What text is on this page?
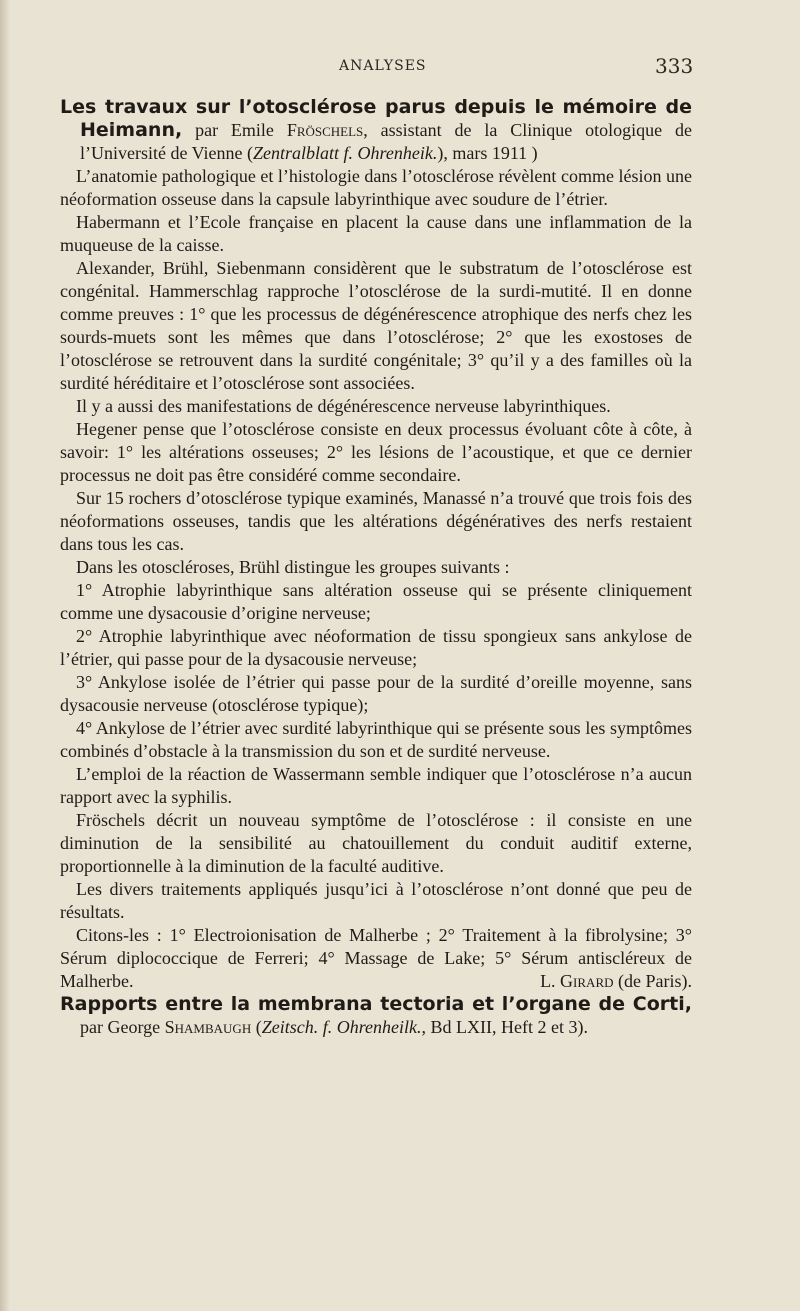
ANALYSES	333

Les travaux sur l’otosclérose parus depuis le mémoire de Heimann, par Emile Fröschels, assistant de la Clinique otologique de l’Université de Vienne (Zentralblatt f. Ohrenheik.), mars 1911 )

L’anatomie pathologique et l’histologie dans l’otosclérose révèlent comme lésion une néoformation osseuse dans la capsule labyrinthique avec soudure de l’étrier.

Habermann et l’Ecole française en placent la cause dans une inflammation de la muqueuse de la caisse.

Alexander, Brühl, Siebenmann considèrent que le substratum de l’otosclérose est congénital. Hammerschlag rapproche l’otosclérose de la surdi-mutité. Il en donne comme preuves : 1° que les processus de dégénérescence atrophique des nerfs chez les sourds-muets sont les mêmes que dans l’otosclérose; 2° que les exostoses de l’otosclérose se retrouvent dans la surdité congénitale; 3° qu’il y a des familles où la surdité héréditaire et l’otosclérose sont associées.

Il y a aussi des manifestations de dégénérescence nerveuse labyrinthiques.

Hegener pense que l’otosclérose consiste en deux processus évoluant côte à côte, à savoir: 1° les altérations osseuses; 2° les lésions de l’acoustique, et que ce dernier processus ne doit pas être considéré comme secondaire.

Sur 15 rochers d’otosclérose typique examinés, Manassé n’a trouvé que trois fois des néoformations osseuses, tandis que les altérations dégénératives des nerfs restaient dans tous les cas.

Dans les otoscléroses, Brühl distingue les groupes suivants :

1° Atrophie labyrinthique sans altération osseuse qui se présente cliniquement comme une dysacousie d’origine nerveuse;

2° Atrophie labyrinthique avec néoformation de tissu spongieux sans ankylose de l’étrier, qui passe pour de la dysacousie nerveuse;

3° Ankylose isolée de l’étrier qui passe pour de la surdité d’oreille moyenne, sans dysacousie nerveuse (otosclérose typique);

4° Ankylose de l’étrier avec surdité labyrinthique qui se présente sous les symptômes combinés d’obstacle à la transmission du son et de surdité nerveuse.

L’emploi de la réaction de Wassermann semble indiquer que l’otosclérose n’a aucun rapport avec la syphilis.

Fröschels décrit un nouveau symptôme de l’otosclérose : il consiste en une diminution de la sensibilité au chatouillement du conduit auditif externe, proportionnelle à la diminution de la faculté auditive.

Les divers traitements appliqués jusqu’ici à l’otosclérose n’ont donné que peu de résultats.

Citons-les : 1° Electroionisation de Malherbe ; 2° Traitement à la fibrolysine; 3° Sérum diplococcique de Ferreri; 4° Massage de Lake; 5° Sérum antiscléreux de Malherbe.	L. Girard (de Paris).

Rapports entre la membrana tectoria et l’organe de Corti, par George Shambaugh (Zeitsch. f. Ohrenheilk., Bd LXII, Heft 2 et 3).
